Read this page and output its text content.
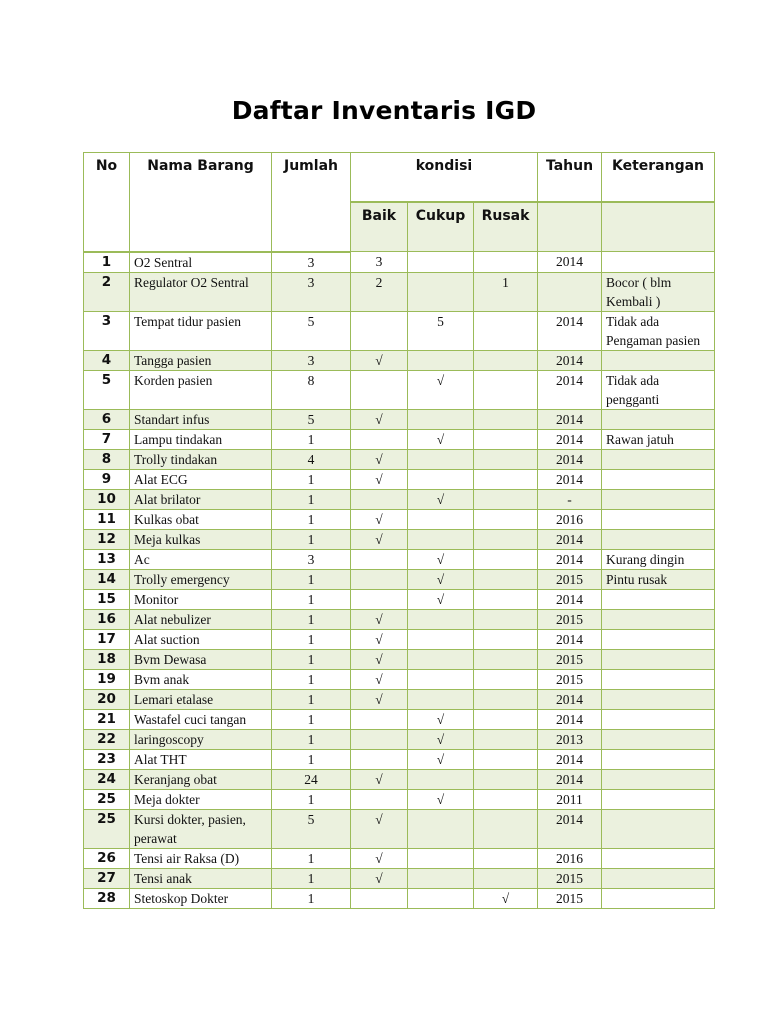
Daftar Inventaris IGD
No	Nama Barang	Jumlah	kondisi			Tahun	Keterangan
			Baik	Cukup	Rusak		
1	O2 Sentral	3	3			2014	
2	Regulator O2 Sentral	3	2		1		Bocor ( blm Kembali )
3	Tempat tidur pasien	5		5		2014	Tidak ada Pengaman pasien
4	Tangga pasien	3	√			2014	
5	Korden pasien	8		√		2014	Tidak ada pengganti
6	Standart infus	5	√			2014	
7	Lampu tindakan	1		√		2014	Rawan jatuh
8	Trolly tindakan	4	√			2014	
9	Alat ECG	1	√			2014	
10	Alat brilator	1		√		-	
11	Kulkas obat	1	√			2016	
12	Meja kulkas	1	√			2014	
13	Ac	3		√		2014	Kurang dingin
14	Trolly emergency	1		√		2015	Pintu rusak
15	Monitor	1		√		2014	
16	Alat nebulizer	1	√			2015	
17	Alat suction	1	√			2014	
18	Bvm Dewasa	1	√			2015	
19	Bvm anak	1	√			2015	
20	Lemari etalase	1	√			2014	
21	Wastafel cuci tangan	1		√		2014	
22	laringoscopy	1		√		2013	
23	Alat THT	1		√		2014	
24	Keranjang obat	24	√			2014	
25	Meja dokter	1		√		2011	
25	Kursi dokter, pasien, perawat	5	√			2014	
26	Tensi air Raksa (D)	1	√			2016	
27	Tensi anak	1	√			2015	
28	Stetoskop Dokter	1			√	2015	
